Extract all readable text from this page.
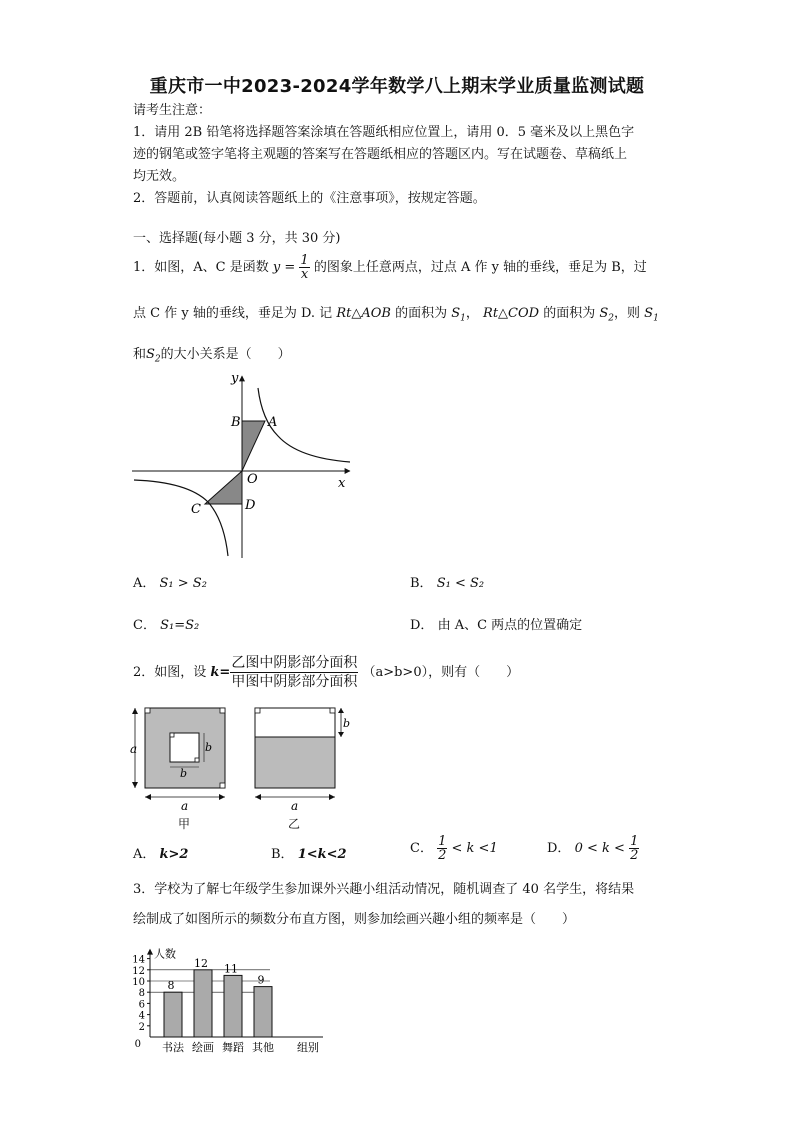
重庆市一中2023-2024学年数学八上期末学业质量监测试题
请考生注意：
1．请用 2B 铅笔将选择题答案涂填在答题纸相应位置上，请用 0．5 毫米及以上黑色字
迹的钢笔或签字笔将主观题的答案写在答题纸相应的答题区内。写在试题卷、草稿纸上
均无效。
2．答题前，认真阅读答题纸上的《注意事项》，按规定答题。
一、选择题(每小题 3 分，共 30 分)
1．如图，A、C 是函数 $y = \frac{1}{x}$ 的图象上任意两点，过点 A 作 y 轴的垂线，垂足为 B，过
点 C 作 y 轴的垂线，垂足为 D. 记 Rt△AOB 的面积为 $S_1$， Rt△COD 的面积为 $S_2$，则 $S_1$
和$S_2$的大小关系是（　　）
y
x
B A
O
C	D
A． S₁ > S₂	B． S₁ < S₂
C． S₁=S₂	D． 由 A、C 两点的位置确定
2．如图，设 k=
乙图中阴影部分面积
甲图中阴影部分面积
（a>b>0），则有（　　）
a
a
b
b
甲
b
a
乙
A． k>2	B． 1<k<2	C． $\frac{1}{2} < k <1$	D． $0 < k < \frac{1}{2}$
3．学校为了解七年级学生参加课外兴趣小组活动情况，随机调查了 40 名学生，将结果
绘制成了如图所示的频数分布直方图，则参加绘画兴趣小组的频率是（　　）
人数
14
12
10
8
6
4
2
0
8
书法
12
绘画
11
舞蹈
9
其他 组别
